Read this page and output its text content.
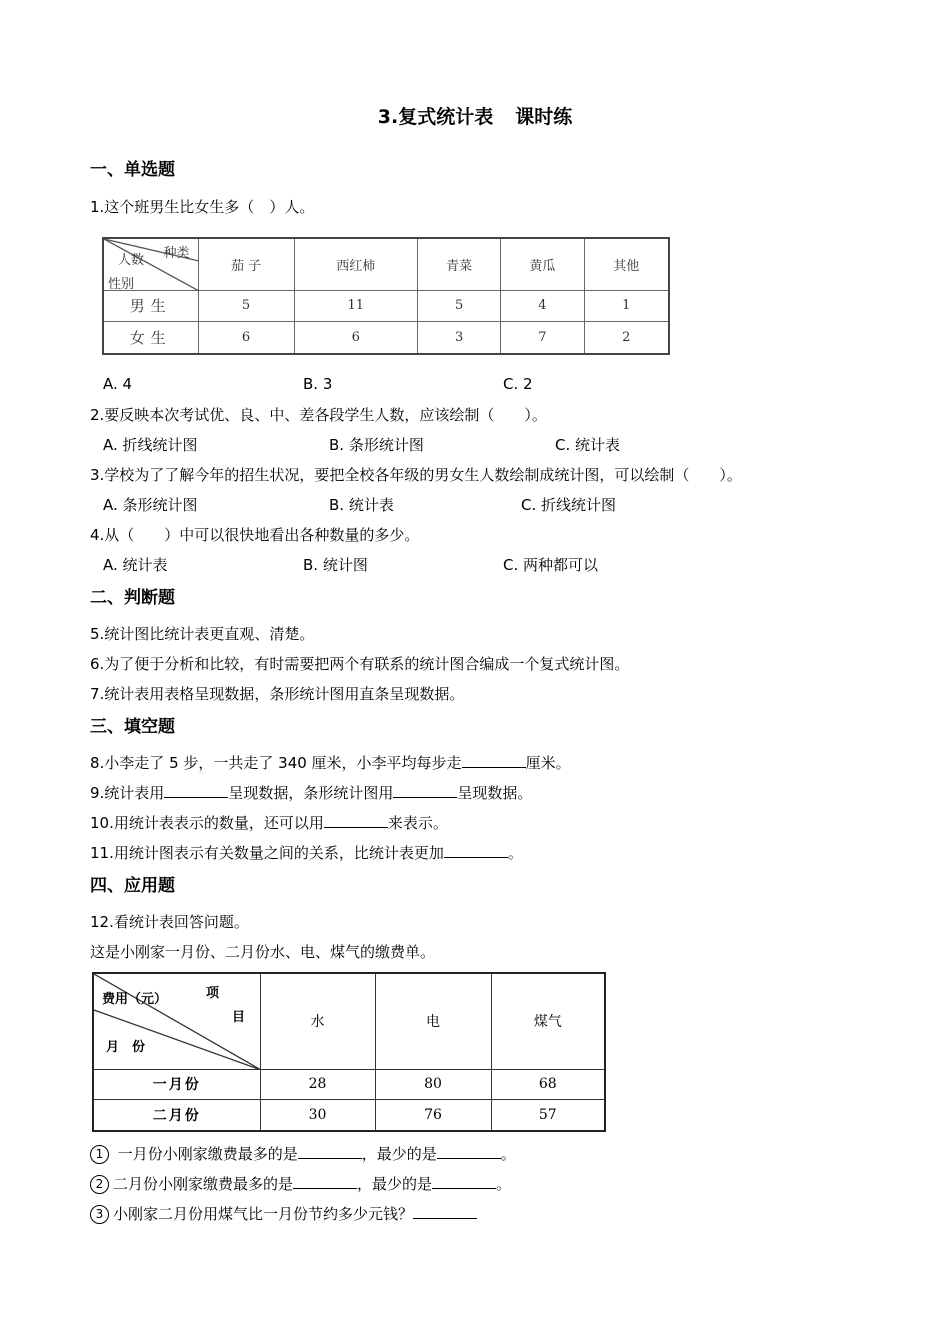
3.复式统计表 课时练
一、单选题
1.这个班男生比女生多（　）人。
种类
人数
性别	茄 子	西红柿	青菜	黄瓜	其他
男生	5	11	5	4	1
女生	6	6	3	7	2
A. 4	B. 3	C. 2
2.要反映本次考试优、良、中、差各段学生人数，应该绘制（　　）。
A. 折线统计图	B. 条形统计图	C. 统计表
3.学校为了了解今年的招生状况，要把全校各年级的男女生人数绘制成统计图，可以绘制（　　）。
A. 条形统计图	B. 统计表	C. 折线统计图
4.从（　　）中可以很快地看出各种数量的多少。
A. 统计表	B. 统计图	C. 两种都可以
二、判断题
5.统计图比统计表更直观、清楚。
6.为了便于分析和比较，有时需要把两个有联系的统计图合编成一个复式统计图。
7.统计表用表格呈现数据，条形统计图用直条呈现数据。
三、填空题
8.小李走了 5 步，一共走了 340 厘米，小李平均每步走	厘米。
9.统计表用	呈现数据，条形统计图用	呈现数据。
10.用统计表表示的数量，还可以用	来表示。
11.用统计图表示有关数量之间的关系，比统计表更加	。
四、应用题
12.看统计表回答问题。
这是小刚家一月份、二月份水、电、煤气的缴费单。
项
目
费用（元）
月　份	水	电	煤气
一月份	28	80	68
二月份	30	76	57
1 一月份小刚家缴费最多的是	，最少的是	。
2 二月份小刚家缴费最多的是	，最少的是	。
3 小刚家二月份用煤气比一月份节约多少元钱？
